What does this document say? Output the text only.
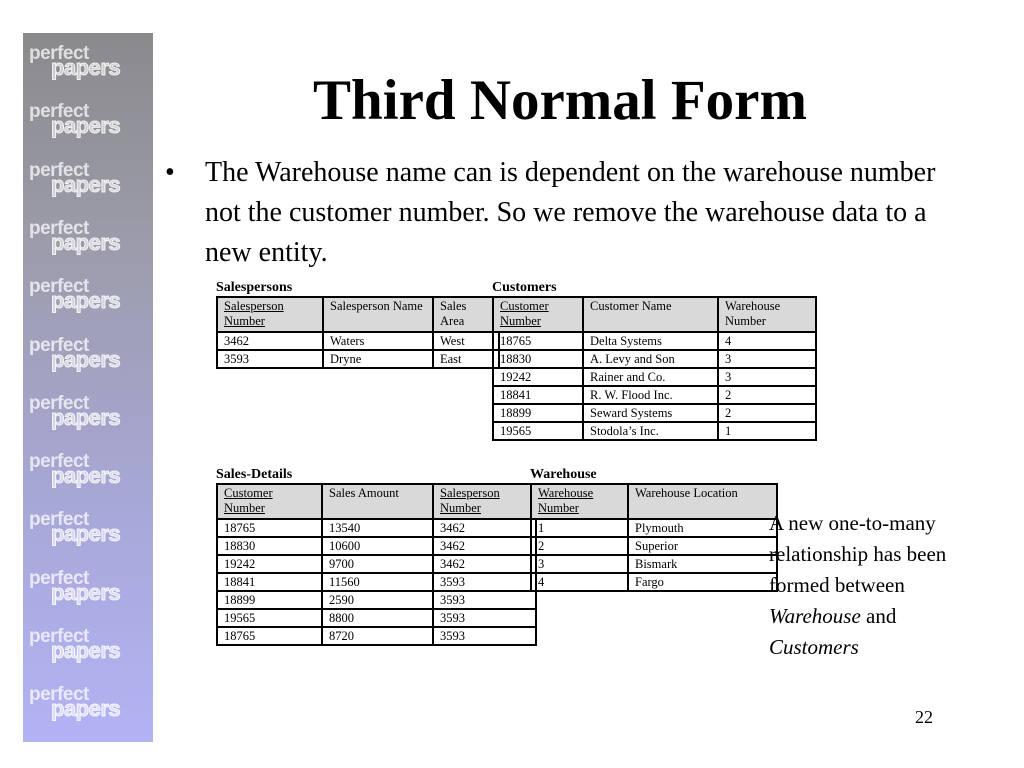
perfect
papers
perfect
papers
perfect
papers
perfect
papers
perfect
papers
perfect
papers
perfect
papers
perfect
papers
perfect
papers
perfect
papers
perfect
papers
perfect
papers
Third Normal Form
• The Warehouse name can is dependent on the warehouse number not the customer number. So we remove the warehouse data to a new entity.
Salespersons
Salesperson Number	Salesperson Name	Sales Area
3462	Waters	West
3593	Dryne	East
Customers
Customer Number	Customer Name	Warehouse Number
18765	Delta Systems	4
18830	A. Levy and Son	3
19242	Rainer and Co.	3
18841	R. W. Flood Inc.	2
18899	Seward Systems	2
19565	Stodola’s Inc.	1
Sales-Details
Customer Number	Sales Amount	Salesperson Number
18765	13540	3462
18830	10600	3462
19242	9700	3462
18841	11560	3593
18899	2590	3593
19565	8800	3593
18765	8720	3593
Warehouse
Warehouse Number	Warehouse Location
1	Plymouth
2	Superior
3	Bismark
4	Fargo
A new one-to-many relationship has been formed between Warehouse and Customers
22
